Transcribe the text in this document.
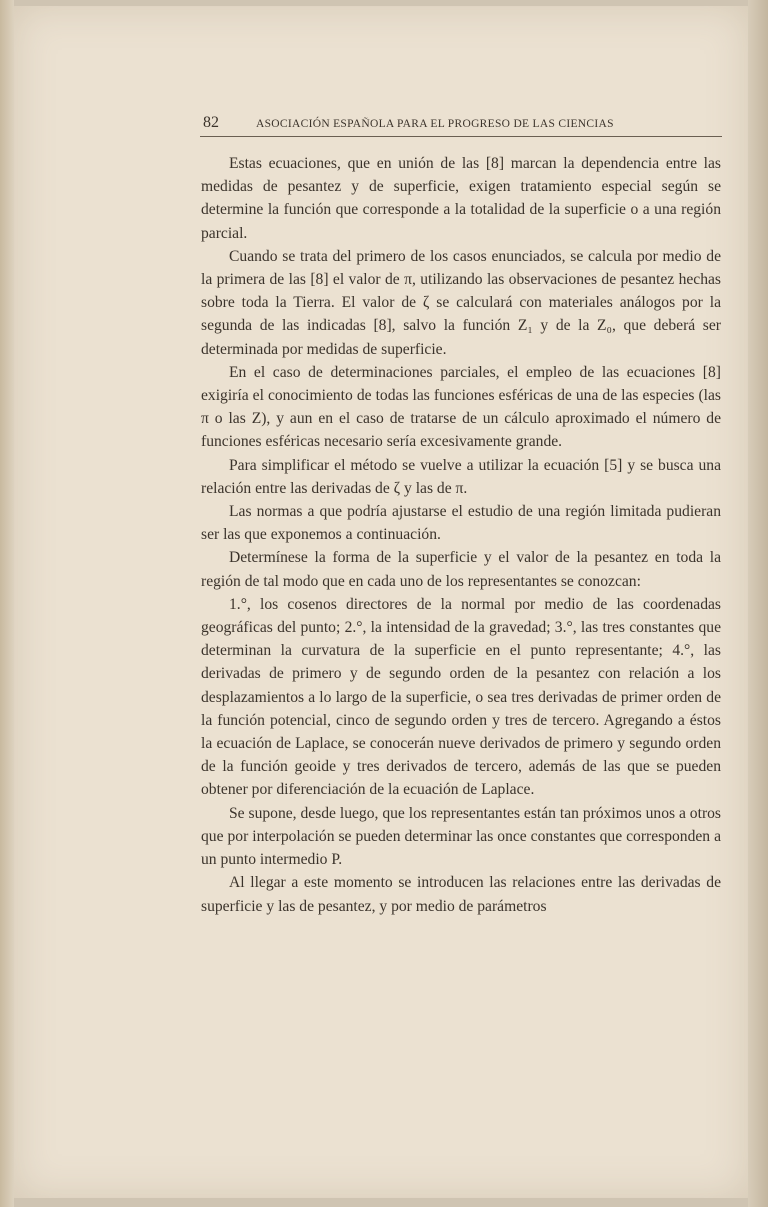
82	ASOCIACIÓN ESPAÑOLA PARA EL PROGRESO DE LAS CIENCIAS

Estas ecuaciones, que en unión de las [8] marcan la dependencia entre las medidas de pesantez y de superficie, exigen tratamiento especial según se determine la función que corresponde a la totalidad de la superficie o a una región parcial.

Cuando se trata del primero de los casos enunciados, se calcula por medio de la primera de las [8] el valor de π, utilizando las observaciones de pesantez hechas sobre toda la Tierra. El valor de ζ se calculará con materiales análogos por la segunda de las indicadas [8], salvo la función Z₁ y de la Z₀, que deberá ser determinada por medidas de superficie.

En el caso de determinaciones parciales, el empleo de las ecuaciones [8] exigiría el conocimiento de todas las funciones esféricas de una de las especies (las π o las Z), y aun en el caso de tratarse de un cálculo aproximado el número de funciones esféricas necesario sería excesivamente grande.

Para simplificar el método se vuelve a utilizar la ecuación [5] y se busca una relación entre las derivadas de ζ y las de π.

Las normas a que podría ajustarse el estudio de una región limitada pudieran ser las que exponemos a continuación.

Determínese la forma de la superficie y el valor de la pesantez en toda la región de tal modo que en cada uno de los representantes se conozcan:

1.°, los cosenos directores de la normal por medio de las coordenadas geográficas del punto; 2.°, la intensidad de la gravedad; 3.°, las tres constantes que determinan la curvatura de la superficie en el punto representante; 4.°, las derivadas de primero y de segundo orden de la pesantez con relación a los desplazamientos a lo largo de la superficie, o sea tres derivadas de primer orden de la función potencial, cinco de segundo orden y tres de tercero. Agregando a éstos la ecuación de Laplace, se conocerán nueve derivados de primero y segundo orden de la función geoide y tres derivados de tercero, además de las que se pueden obtener por diferenciación de la ecuación de Laplace.

Se supone, desde luego, que los representantes están tan próximos unos a otros que por interpolación se pueden determinar las once constantes que corresponden a un punto intermedio P.

Al llegar a este momento se introducen las relaciones entre las derivadas de superficie y las de pesantez, y por medio de parámetros
